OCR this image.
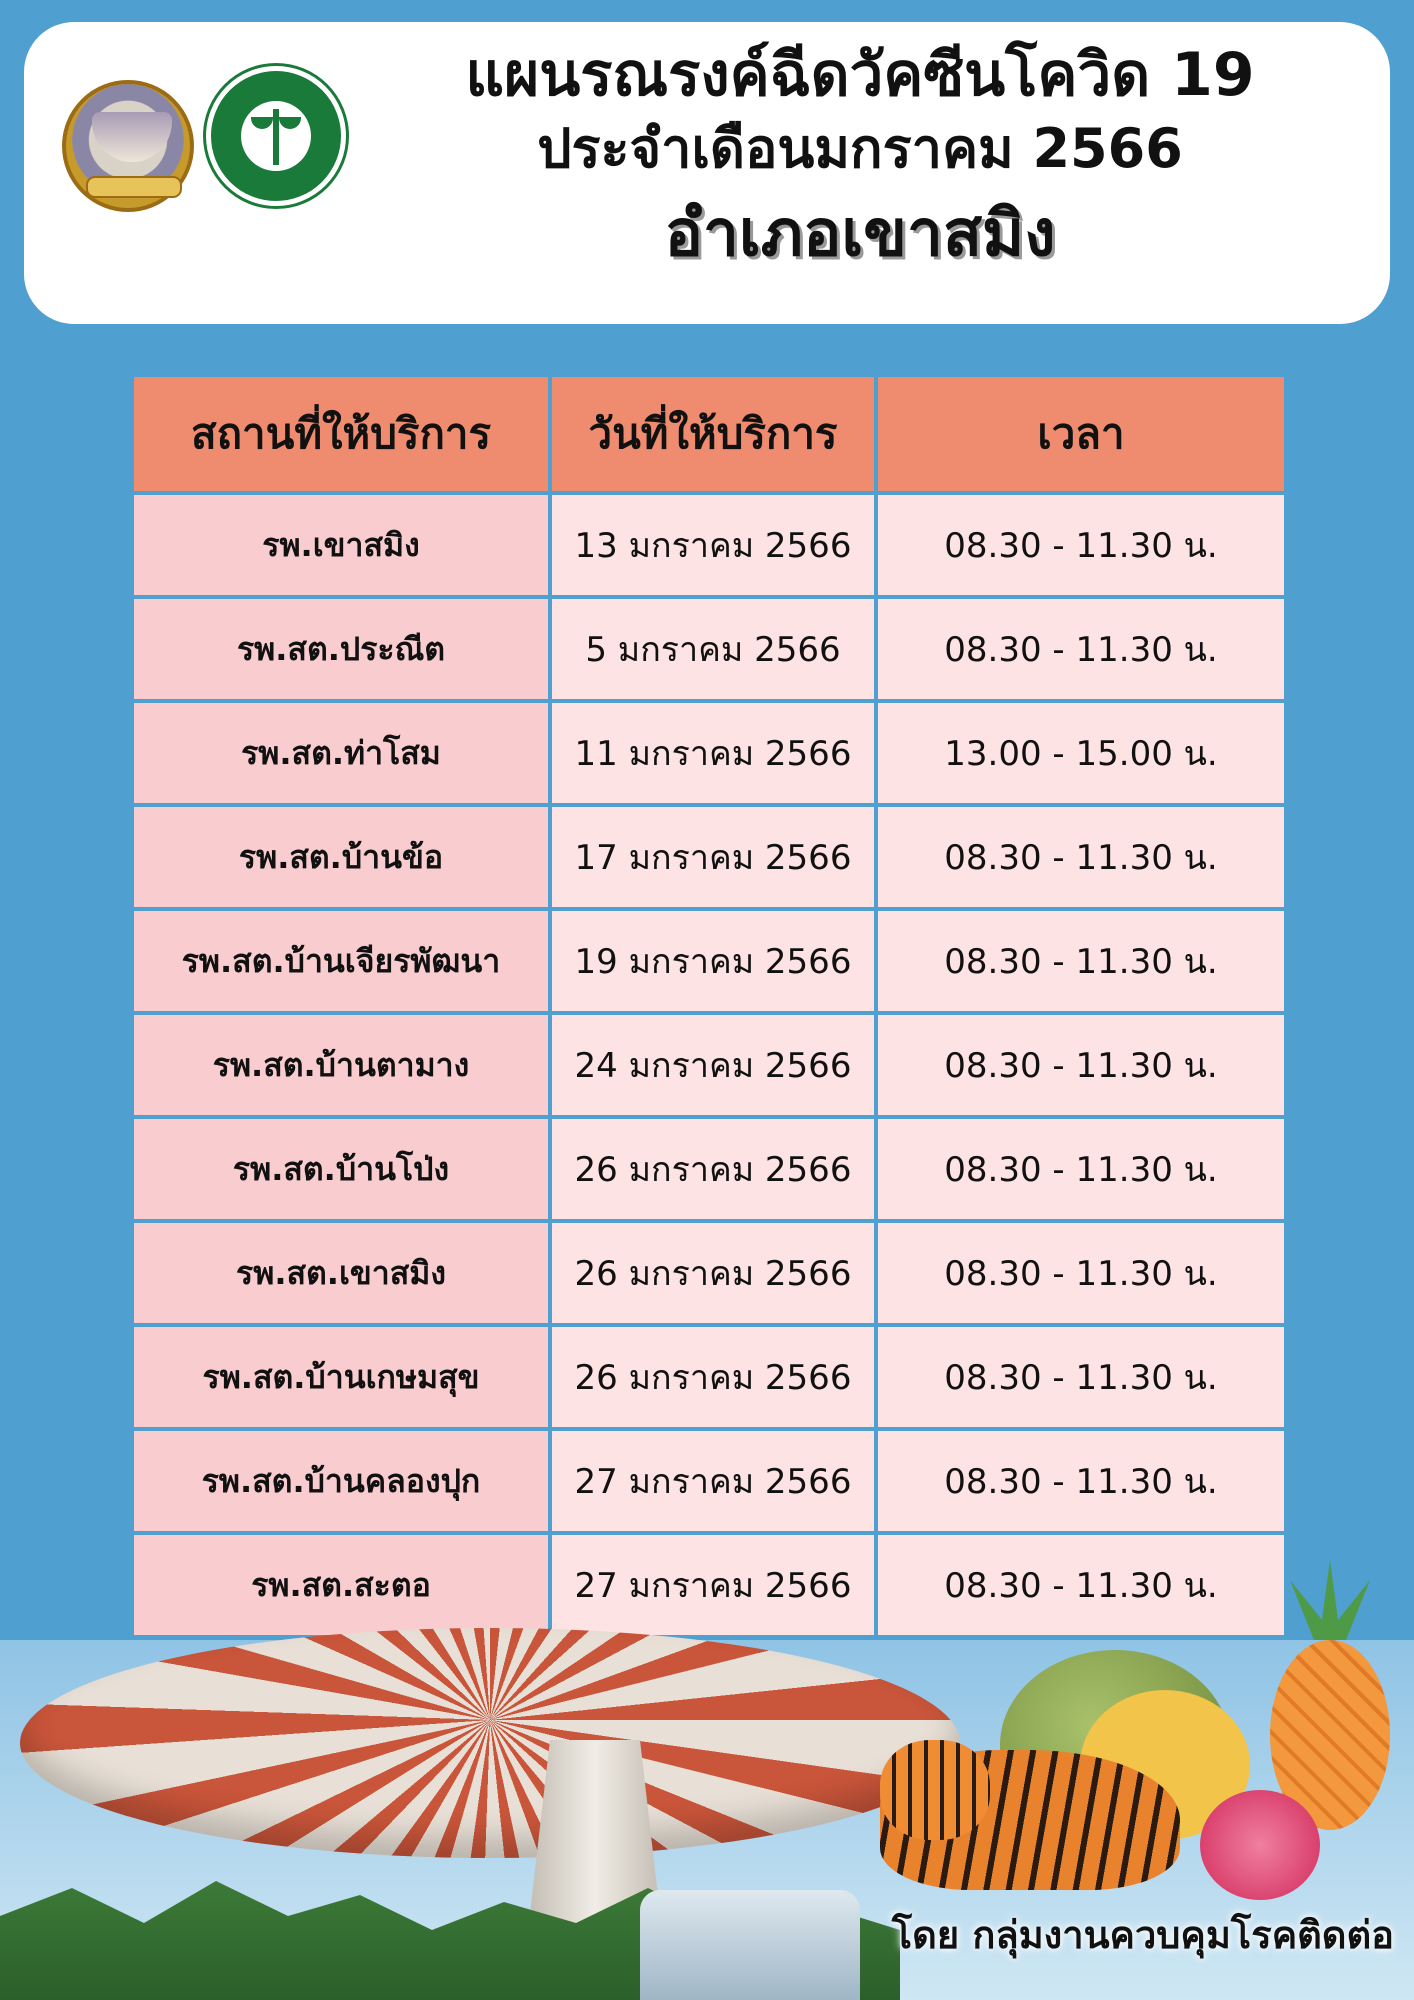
แผนรณรงค์ฉีดวัคซีนโควิด 19
ประจำเดือนมกราคม 2566
อำเภอเขาสมิง
สถานที่ให้บริการ	วันที่ให้บริการ	เวลา
รพ.เขาสมิง	13 มกราคม 2566	08.30 - 11.30 น.
รพ.สต.ประณีต	5 มกราคม 2566	08.30 - 11.30 น.
รพ.สต.ท่าโสม	11 มกราคม 2566	13.00 - 15.00 น.
รพ.สต.บ้านข้อ	17 มกราคม 2566	08.30 - 11.30 น.
รพ.สต.บ้านเจียรพัฒนา	19 มกราคม 2566	08.30 - 11.30 น.
รพ.สต.บ้านตามาง	24 มกราคม 2566	08.30 - 11.30 น.
รพ.สต.บ้านโป่ง	26 มกราคม 2566	08.30 - 11.30 น.
รพ.สต.เขาสมิง	26 มกราคม 2566	08.30 - 11.30 น.
รพ.สต.บ้านเกษมสุข	26 มกราคม 2566	08.30 - 11.30 น.
รพ.สต.บ้านคลองปุก	27 มกราคม 2566	08.30 - 11.30 น.
รพ.สต.สะตอ	27 มกราคม 2566	08.30 - 11.30 น.
โดย กลุ่มงานควบคุมโรคติดต่อ
